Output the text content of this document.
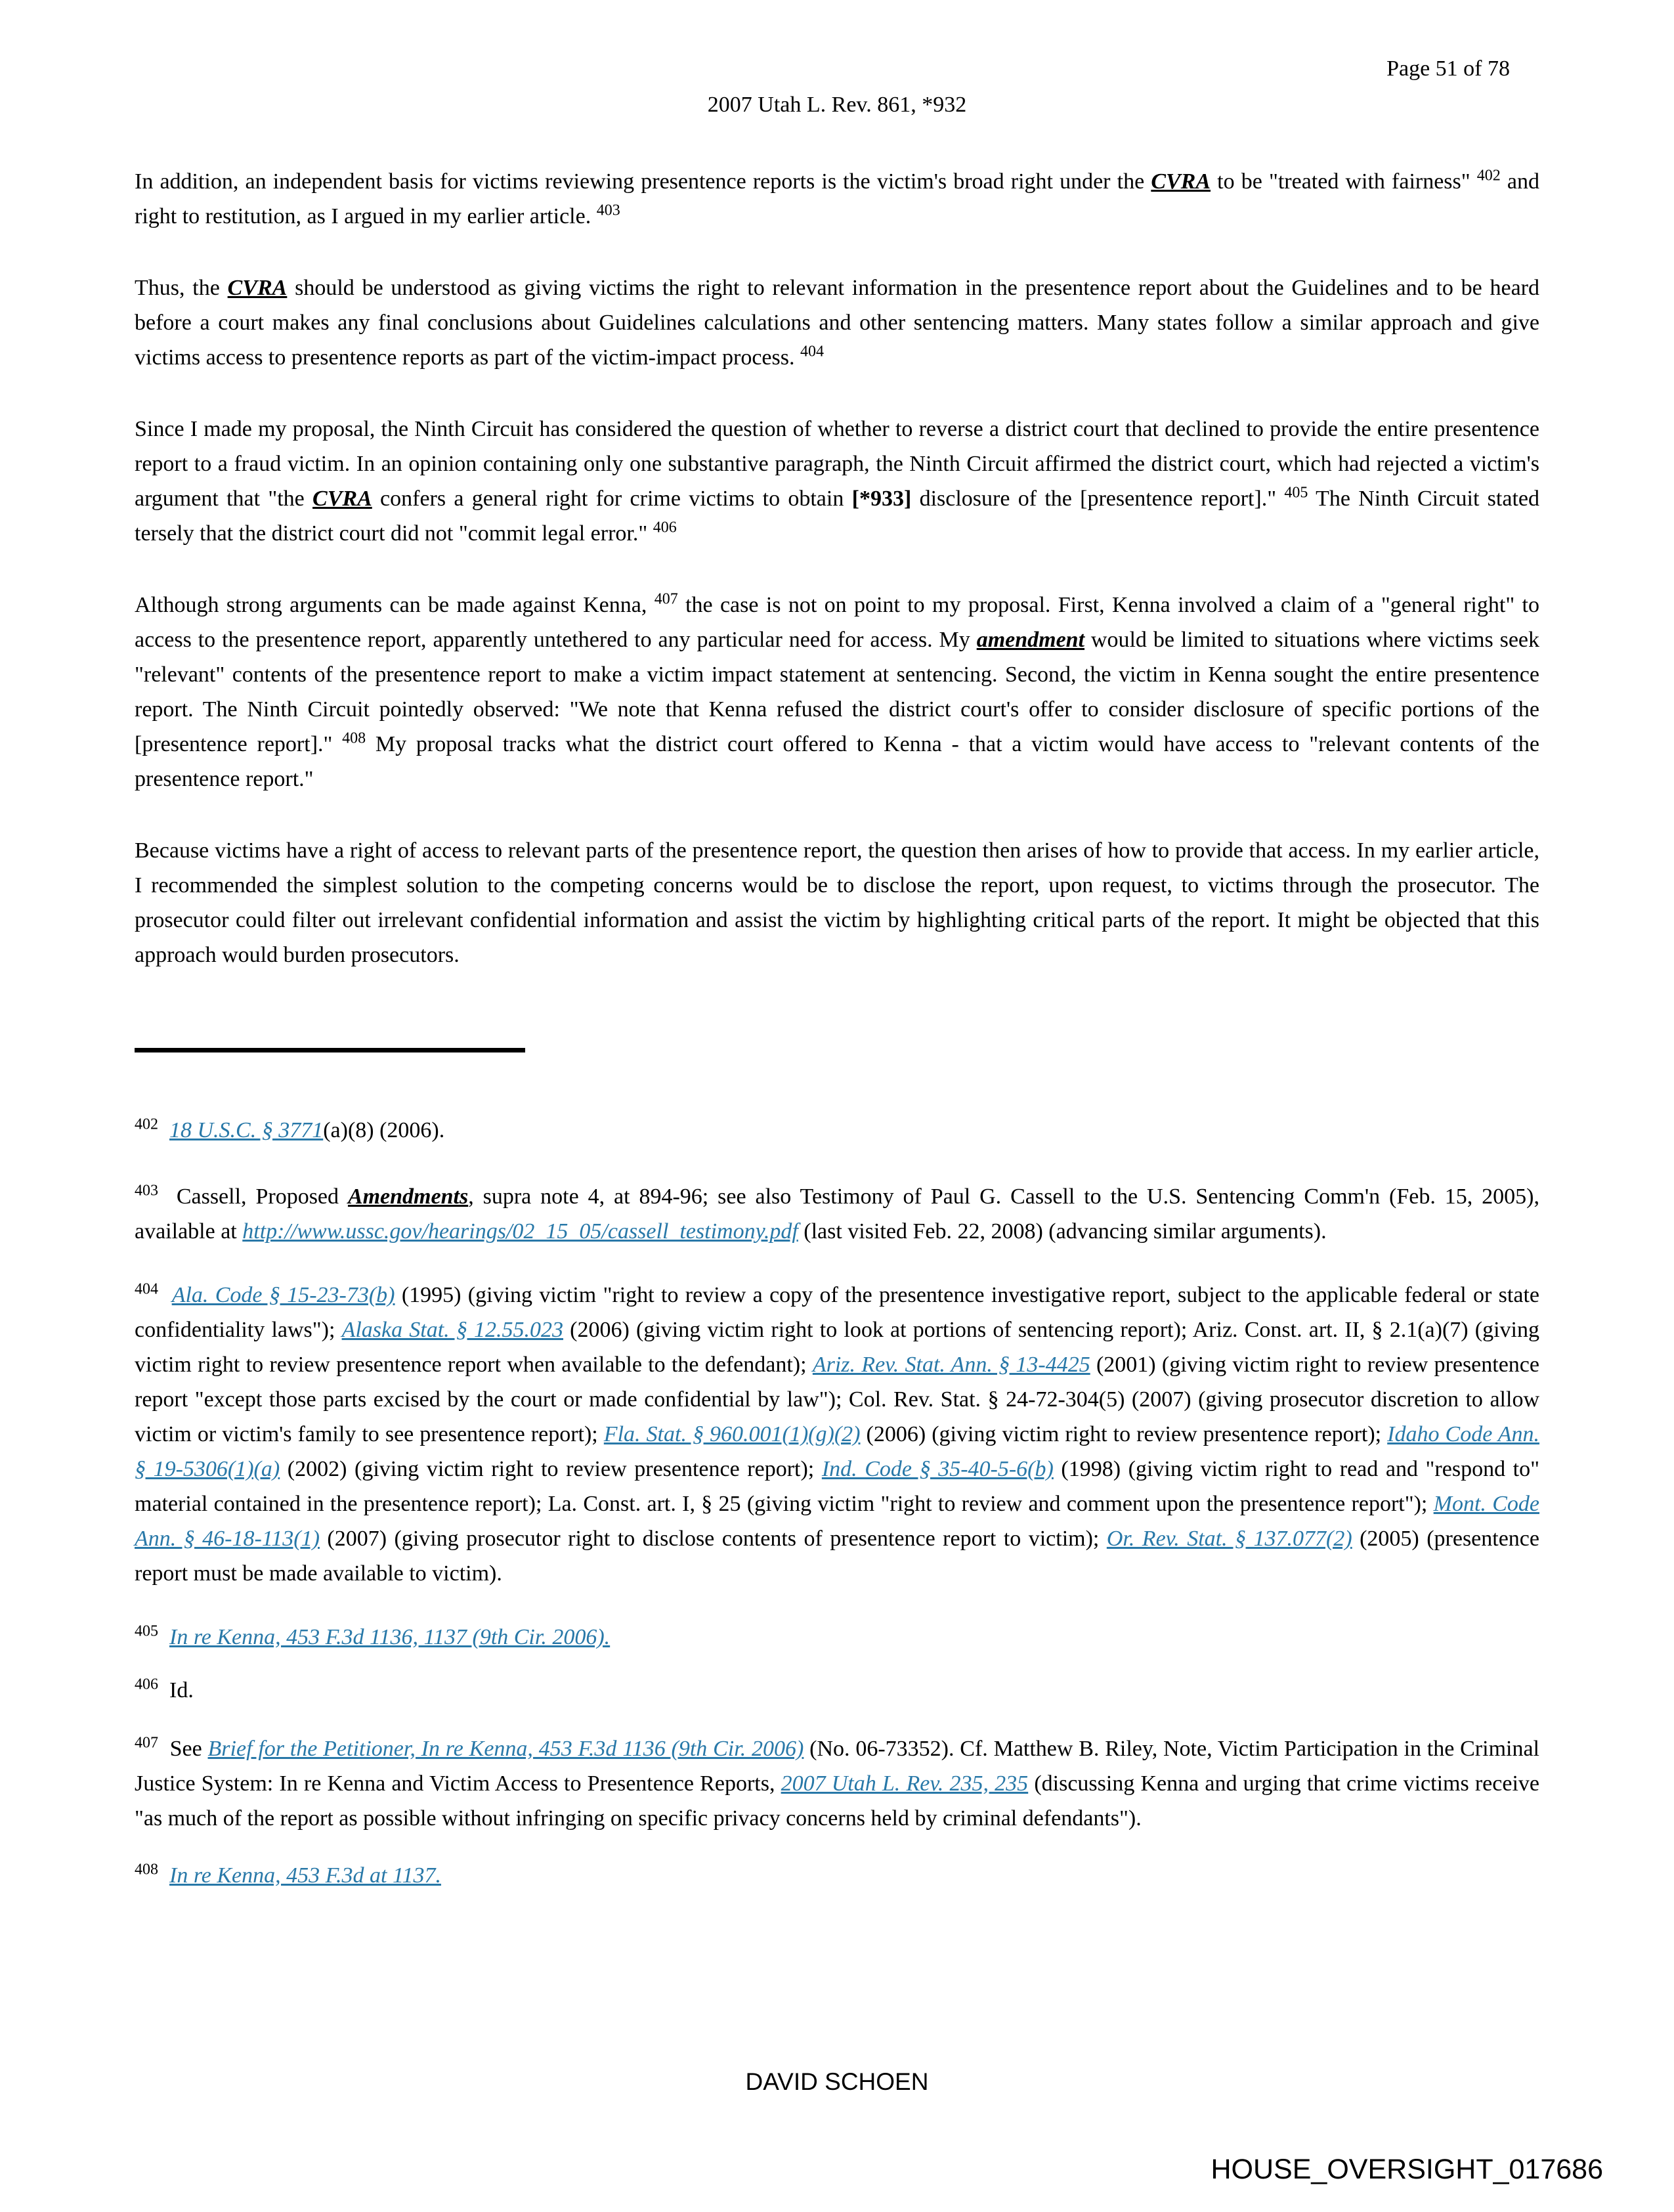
Page 51 of 78
2007 Utah L. Rev. 861, *932

In addition, an independent basis for victims reviewing presentence reports is the victim's broad right under the CVRA to be "treated with fairness" $^{402}$ and right to restitution, as I argued in my earlier article. $^{403}$

Thus, the CVRA should be understood as giving victims the right to relevant information in the presentence report about the Guidelines and to be heard before a court makes any final conclusions about Guidelines calculations and other sentencing matters. Many states follow a similar approach and give victims access to presentence reports as part of the victim-impact process. $^{404}$

Since I made my proposal, the Ninth Circuit has considered the question of whether to reverse a district court that declined to provide the entire presentence report to a fraud victim. In an opinion containing only one substantive paragraph, the Ninth Circuit affirmed the district court, which had rejected a victim's argument that "the CVRA confers a general right for crime victims to obtain [*933] disclosure of the [presentence report]." $^{405}$ The Ninth Circuit stated tersely that the district court did not "commit legal error." $^{406}$

Although strong arguments can be made against Kenna, $^{407}$ the case is not on point to my proposal. First, Kenna involved a claim of a "general right" to access to the presentence report, apparently untethered to any particular need for access. My amendment would be limited to situations where victims seek "relevant" contents of the presentence report to make a victim impact statement at sentencing. Second, the victim in Kenna sought the entire presentence report. The Ninth Circuit pointedly observed: "We note that Kenna refused the district court's offer to consider disclosure of specific portions of the [presentence report]." $^{408}$ My proposal tracks what the district court offered to Kenna - that a victim would have access to "relevant contents of the presentence report."

Because victims have a right of access to relevant parts of the presentence report, the question then arises of how to provide that access. In my earlier article, I recommended the simplest solution to the competing concerns would be to disclose the report, upon request, to victims through the prosecutor. The prosecutor could filter out irrelevant confidential information and assist the victim by highlighting critical parts of the report. It might be objected that this approach would burden prosecutors.

$^{402}$ 18 U.S.C. § 3771(a)(8) (2006).
$^{403}$  Cassell, Proposed Amendments, supra note 4, at 894-96; see also Testimony of Paul G. Cassell to the U.S. Sentencing Comm'n (Feb. 15, 2005), available at http://www.ussc.gov/hearings/02_15_05/cassell_testimony.pdf (last visited Feb. 22, 2008) (advancing similar arguments).
$^{404}$ Ala. Code § 15-23-73(b) (1995) (giving victim "right to review a copy of the presentence investigative report, subject to the applicable federal or state confidentiality laws"); Alaska Stat. § 12.55.023 (2006) (giving victim right to look at portions of sentencing report); Ariz. Const. art. II, § 2.1(a)(7) (giving victim right to review presentence report when available to the defendant); Ariz. Rev. Stat. Ann. § 13-4425 (2001) (giving victim right to review presentence report "except those parts excised by the court or made confidential by law"); Col. Rev. Stat. § 24-72-304(5) (2007) (giving prosecutor discretion to allow victim or victim's family to see presentence report); Fla. Stat. § 960.001(1)(g)(2) (2006) (giving victim right to review presentence report); Idaho Code Ann. § 19-5306(1)(a) (2002) (giving victim right to review presentence report); Ind. Code § 35-40-5-6(b) (1998) (giving victim right to read and "respond to" material contained in the presentence report); La. Const. art. I, § 25 (giving victim "right to review and comment upon the presentence report"); Mont. Code Ann. § 46-18-113(1) (2007) (giving prosecutor right to disclose contents of presentence report to victim); Or. Rev. Stat. § 137.077(2) (2005) (presentence report must be made available to victim).
$^{405}$ In re Kenna, 453 F.3d 1136, 1137 (9th Cir. 2006).
$^{406}$  Id.
$^{407}$  See Brief for the Petitioner, In re Kenna, 453 F.3d 1136 (9th Cir. 2006) (No. 06-73352). Cf. Matthew B. Riley, Note, Victim Participation in the Criminal Justice System: In re Kenna and Victim Access to Presentence Reports, 2007 Utah L. Rev. 235, 235 (discussing Kenna and urging that crime victims receive "as much of the report as possible without infringing on specific privacy concerns held by criminal defendants").
$^{408}$ In re Kenna, 453 F.3d at 1137.
DAVID SCHOEN
HOUSE_OVERSIGHT_017686
